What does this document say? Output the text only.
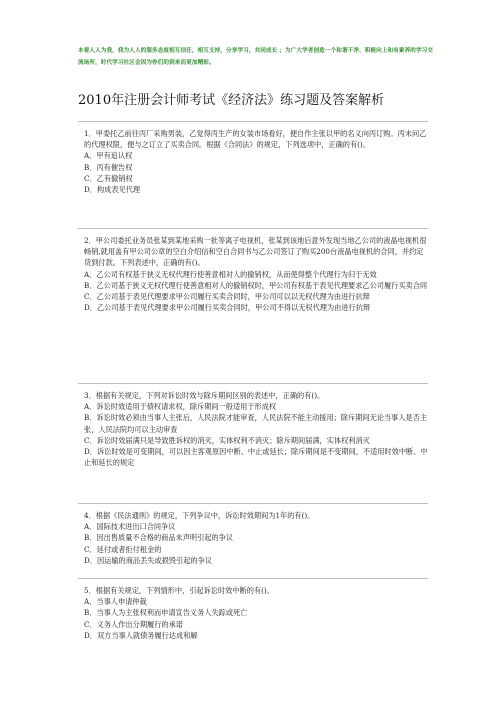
本着人人为我，我为人人的服务态度相互信任，相互支持，分享学习，共同成长 ；为广大学者创造一个和谐干净、积极向上和有素养的学习交流场所，时代学习社区会因为你们的到来而更加精彩。
2010年注册会计师考试《经济法》练习题及答案解析
1．甲委托乙前往丙厂采购男装，乙觉得丙生产的女装市场看好，便自作主张以甲的名义向丙订购。丙未问乙的代理权限，便与之订立了买卖合同。根据《合同法》的规定，下列选项中，正确的有()。
A．甲有追认权
B．丙有催告权
C．乙有撤销权
D．构成表见代理
2．甲公司委托业务员张某到某地采购一批等离子电视机，张某到该地后意外发现当地乙公司的液晶电视机很畅销,就用盖有甲公司公章的空白介绍信和空白合同书与乙公司签订了购买200台液晶电视机的合同，并约定货到付款。下列表述中，正确的有()。
A．乙公司有权基于狭义无权代理行使善意相对人的撤销权，从而使得整个代理行为归于无效
B．乙公司基于狭义无权代理行使善意相对人的撤销权时，甲公司有权基于表见代理要求乙公司履行买卖合同
C．乙公司基于表见代理要求甲公司履行买卖合同时，甲公司可以以无权代理为由进行抗辩
D．乙公司基于表见代理要求甲公司履行买卖合同时，甲公司不得以无权代理为由进行抗辩
3．根据有关规定，下列对诉讼时效与除斥期间区别的表述中，正确的有()。
A．诉讼时效适用于债权请求权，除斥期间一般适用于形成权
B．诉讼时效必须由当事人主张后，人民法院才能审查，人民法院不能主动援用；除斥期间无论当事人是否主张，人民法院均可以主动审查
C．诉讼时效届满只是导致胜诉权的消灭，实体权利不消灭；除斥期间届满，实体权利消灭
D．诉讼时效是可变期间，可以因主客观原因中断、中止或延长；除斥期间是不变期间，不适用时效中断、中止和延长的规定
4．根据《民法通则》的规定，下列争议中，诉讼时效期间为1年的有()。
A．国际技术进出口合同争议
B．因出售质量不合格的商品未声明引起的争议
C．延付或者拒付租金的
D．因运输的商品丢失或损毁引起的争议
5．根据有关规定，下列情形中，引起诉讼时效中断的有()。
A．当事人申请仲裁
B．当事人为主张权利而申请宣告义务人失踪或死亡
C．义务人作出分期履行的承诺
D．双方当事人就债务履行达成和解
